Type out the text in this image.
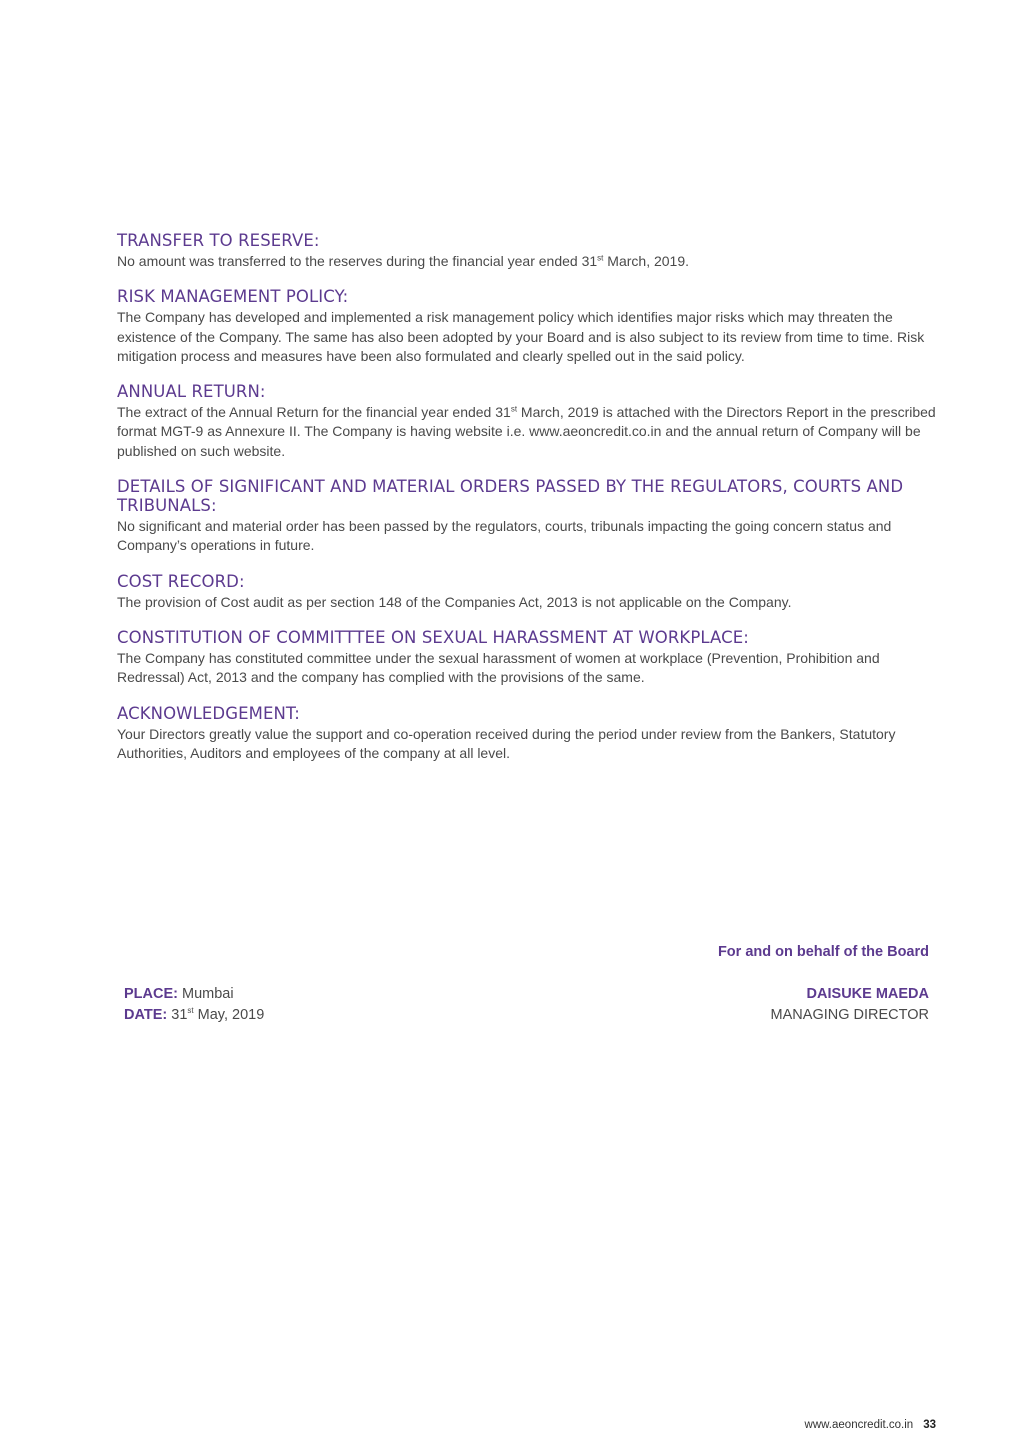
TRANSFER TO RESERVE:

No amount was transferred to the reserves during the financial year ended 31st March, 2019.

RISK MANAGEMENT POLICY:

The Company has developed and implemented a risk management policy which identifies major risks which may threaten the existence of the Company. The same has also been adopted by your Board and is also subject to its review from time to time. Risk mitigation process and measures have been also formulated and clearly spelled out in the said policy.

ANNUAL RETURN:

The extract of the Annual Return for the financial year ended 31st March, 2019 is attached with the Directors Report in the prescribed format MGT-9 as Annexure II. The Company is having website i.e. www.aeoncredit.co.in and the annual return of Company will be published on such website.

DETAILS OF SIGNIFICANT AND MATERIAL ORDERS PASSED BY THE REGULATORS, COURTS AND TRIBUNALS:

No significant and material order has been passed by the regulators, courts, tribunals impacting the going concern status and Company’s operations in future.

COST RECORD:

The provision of Cost audit as per section 148 of the Companies Act, 2013 is not applicable on the Company.

CONSTITUTION OF COMMITTTEE ON SEXUAL HARASSMENT AT WORKPLACE:

The Company has constituted committee under the sexual harassment of women at workplace (Prevention, Prohibition and Redressal) Act, 2013 and the company has complied with the provisions of the same.

ACKNOWLEDGEMENT:

Your Directors greatly value the support and co-operation received during the period under review from the Bankers, Statutory Authorities, Auditors and employees of the company at all level.

For and on behalf of the Board
PLACE: Mumbai
DATE: 31st May, 2019
DAISUKE MAEDA
MANAGING DIRECTOR
www.aeoncredit.co.in 33
